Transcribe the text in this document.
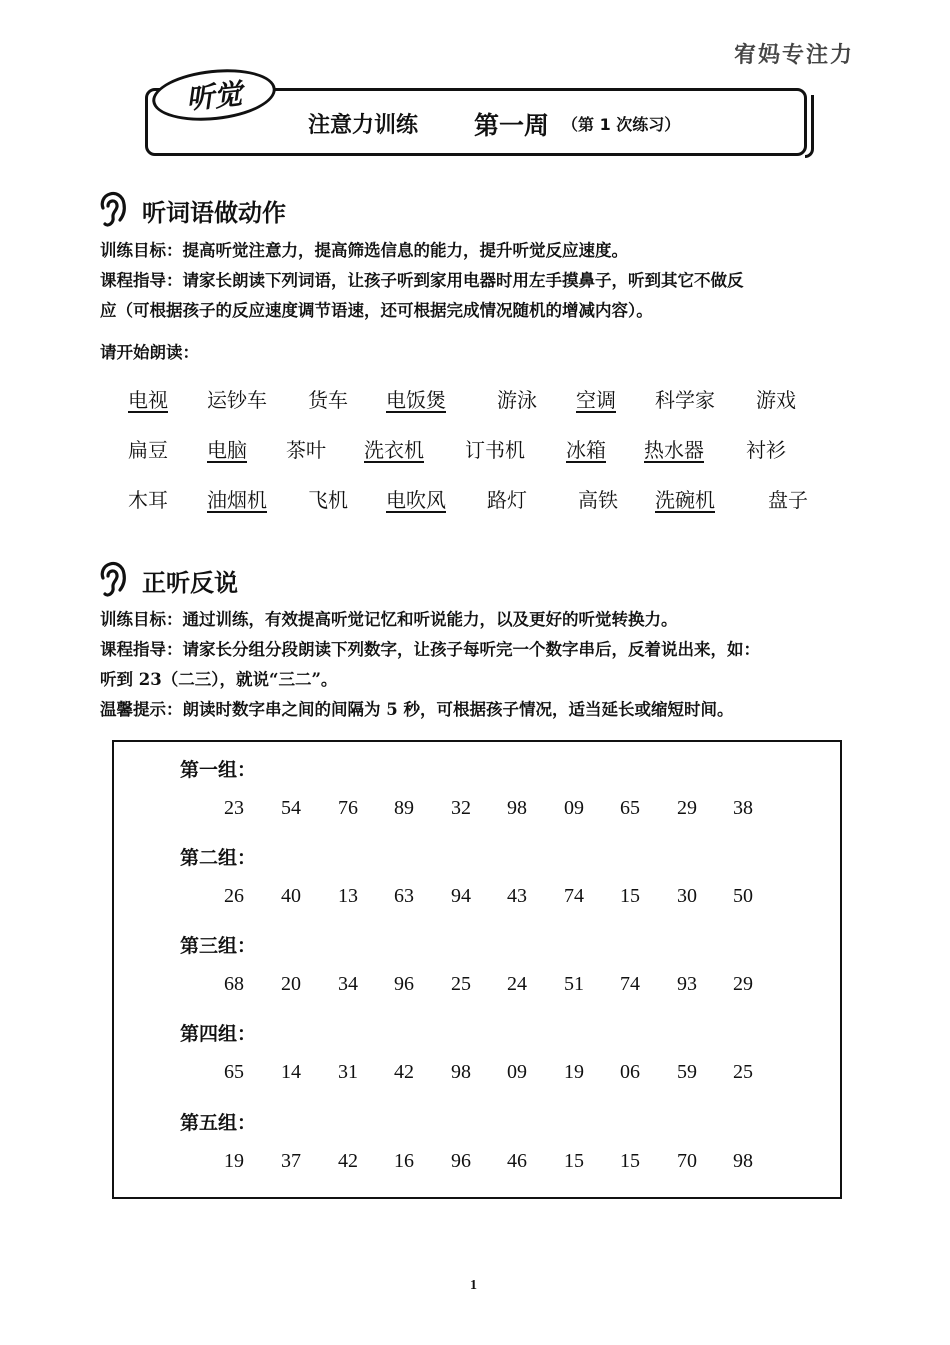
宥妈专注力
听觉
注意力训练 第一周 （第 1 次练习）
听词语做动作
训练目标：提高听觉注意力，提高筛选信息的能力，提升听觉反应速度。
课程指导：请家长朗读下列词语，让孩子听到家用电器时用左手摸鼻子，听到其它不做反
应（可根据孩子的反应速度调节语速，还可根据完成情况随机的增减内容）。
请开始朗读：
电视 运钞车 货车 电饭煲	游泳 空调 科学家 游戏
扁豆 电脑 茶叶 洗衣机 订书机 冰箱 热水器 衬衫
木耳 油烟机 飞机 电吹风 路灯	高铁 洗碗机	盘子
正听反说
训练目标：通过训练，有效提高听觉记忆和听说能力，以及更好的听觉转换力。
课程指导：请家长分组分段朗读下列数字，让孩子每听完一个数字串后，反着说出来，如：
听到 23（二三），就说“三二”。
温馨提示：朗读时数字串之间的间隔为 5 秒，可根据孩子情况，适当延长或缩短时间。
第一组：
23	54	76	89	32	98	09	65	29	38
第二组：
26	40	13	63	94	43	74	15	30	50
第三组：
68	20	34	96	25	24	51	74	93	29
第四组：
65	14	31	42	98	09	19	06	59	25
第五组：
19	37	42	16	96	46	15	15	70	98
1
